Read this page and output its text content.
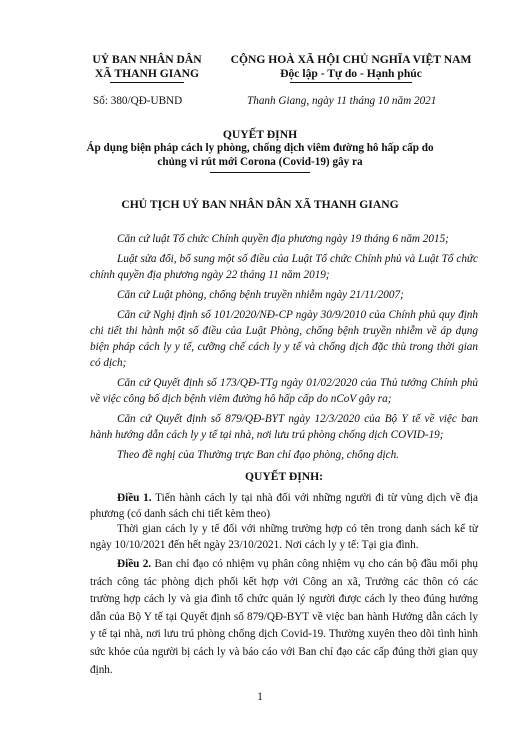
UỶ BAN NHÂN DÂN
XÃ THANH GIANG
CỘNG HOÀ XÃ HỘI CHỦ NGHĨA VIỆT NAM
Độc lập - Tự do - Hạnh phúc
Số: 380/QĐ-UBND	Thanh Giang, ngày 11 tháng 10 năm 2021
QUYẾT ĐỊNH
Áp dụng biện pháp cách ly phòng, chống dịch viêm đường hô hấp cấp do
chủng vi rút mới Corona (Covid-19) gây ra
CHỦ TỊCH UỶ BAN NHÂN DÂN XÃ THANH GIANG
Căn cứ luật Tổ chức Chính quyền địa phương ngày 19 tháng 6 năm 2015;
Luật sửa đổi, bổ sung một số điều của Luật Tổ chức Chính phủ và Luật Tổ chức chính quyền địa phương ngày 22 tháng 11 năm 2019;
Căn cứ Luật phòng, chống bệnh truyền nhiễm ngày 21/11/2007;
Căn cứ Nghị định số 101/2020/NĐ-CP ngày 30/9/2010 của Chính phủ quy định chi tiết thi hành một số điều của Luật Phòng, chống bệnh truyền nhiễm về áp dụng biện pháp cách ly y tế, cưỡng chế cách ly y tế và chống dịch đặc thù trong thời gian có dịch;
Căn cứ Quyết định số 173/QĐ-TTg ngày 01/02/2020 của Thủ tướng Chính phủ về việc công bố dịch bệnh viêm đường hô hấp cấp do nCoV gây ra;
Căn cứ Quyết định số 879/QĐ-BYT ngày 12/3/2020 của Bộ Y tế về việc ban hành hướng dẫn cách ly y tế tại nhà, nơi lưu trú phòng chống dịch COVID-19;
Theo đề nghị của Thường trực Ban chỉ đạo phòng, chống dịch.
QUYẾT ĐỊNH:
Điều 1. Tiến hành cách ly tại nhà đối với những người đi từ vùng dịch về địa phương (có danh sách chi tiết kèm theo)
Thời gian cách ly y tế đối với những trường hợp có tên trong danh sách kể từ ngày 10/10/2021 đến hết ngày 23/10/2021. Nơi cách ly y tế: Tại gia đình.
Điều 2. Ban chỉ đạo có nhiệm vụ phân công nhiệm vụ cho cán bộ đầu mối phụ trách công tác phòng dịch phối kết hợp với Công an xã, Trưởng các thôn có các trường hợp cách ly và gia đình tổ chức quản lý người được cách ly theo đúng hướng dẫn của Bộ Y tế tại Quyết định số 879/QĐ-BYT về việc ban hành Hướng dẫn cách ly y tế tại nhà, nơi lưu trú phòng chống dịch Covid-19. Thường xuyên theo dõi tình hình sức khỏe của người bị cách ly và báo cáo với Ban chỉ đạo các cấp đúng thời gian quy định.
1
